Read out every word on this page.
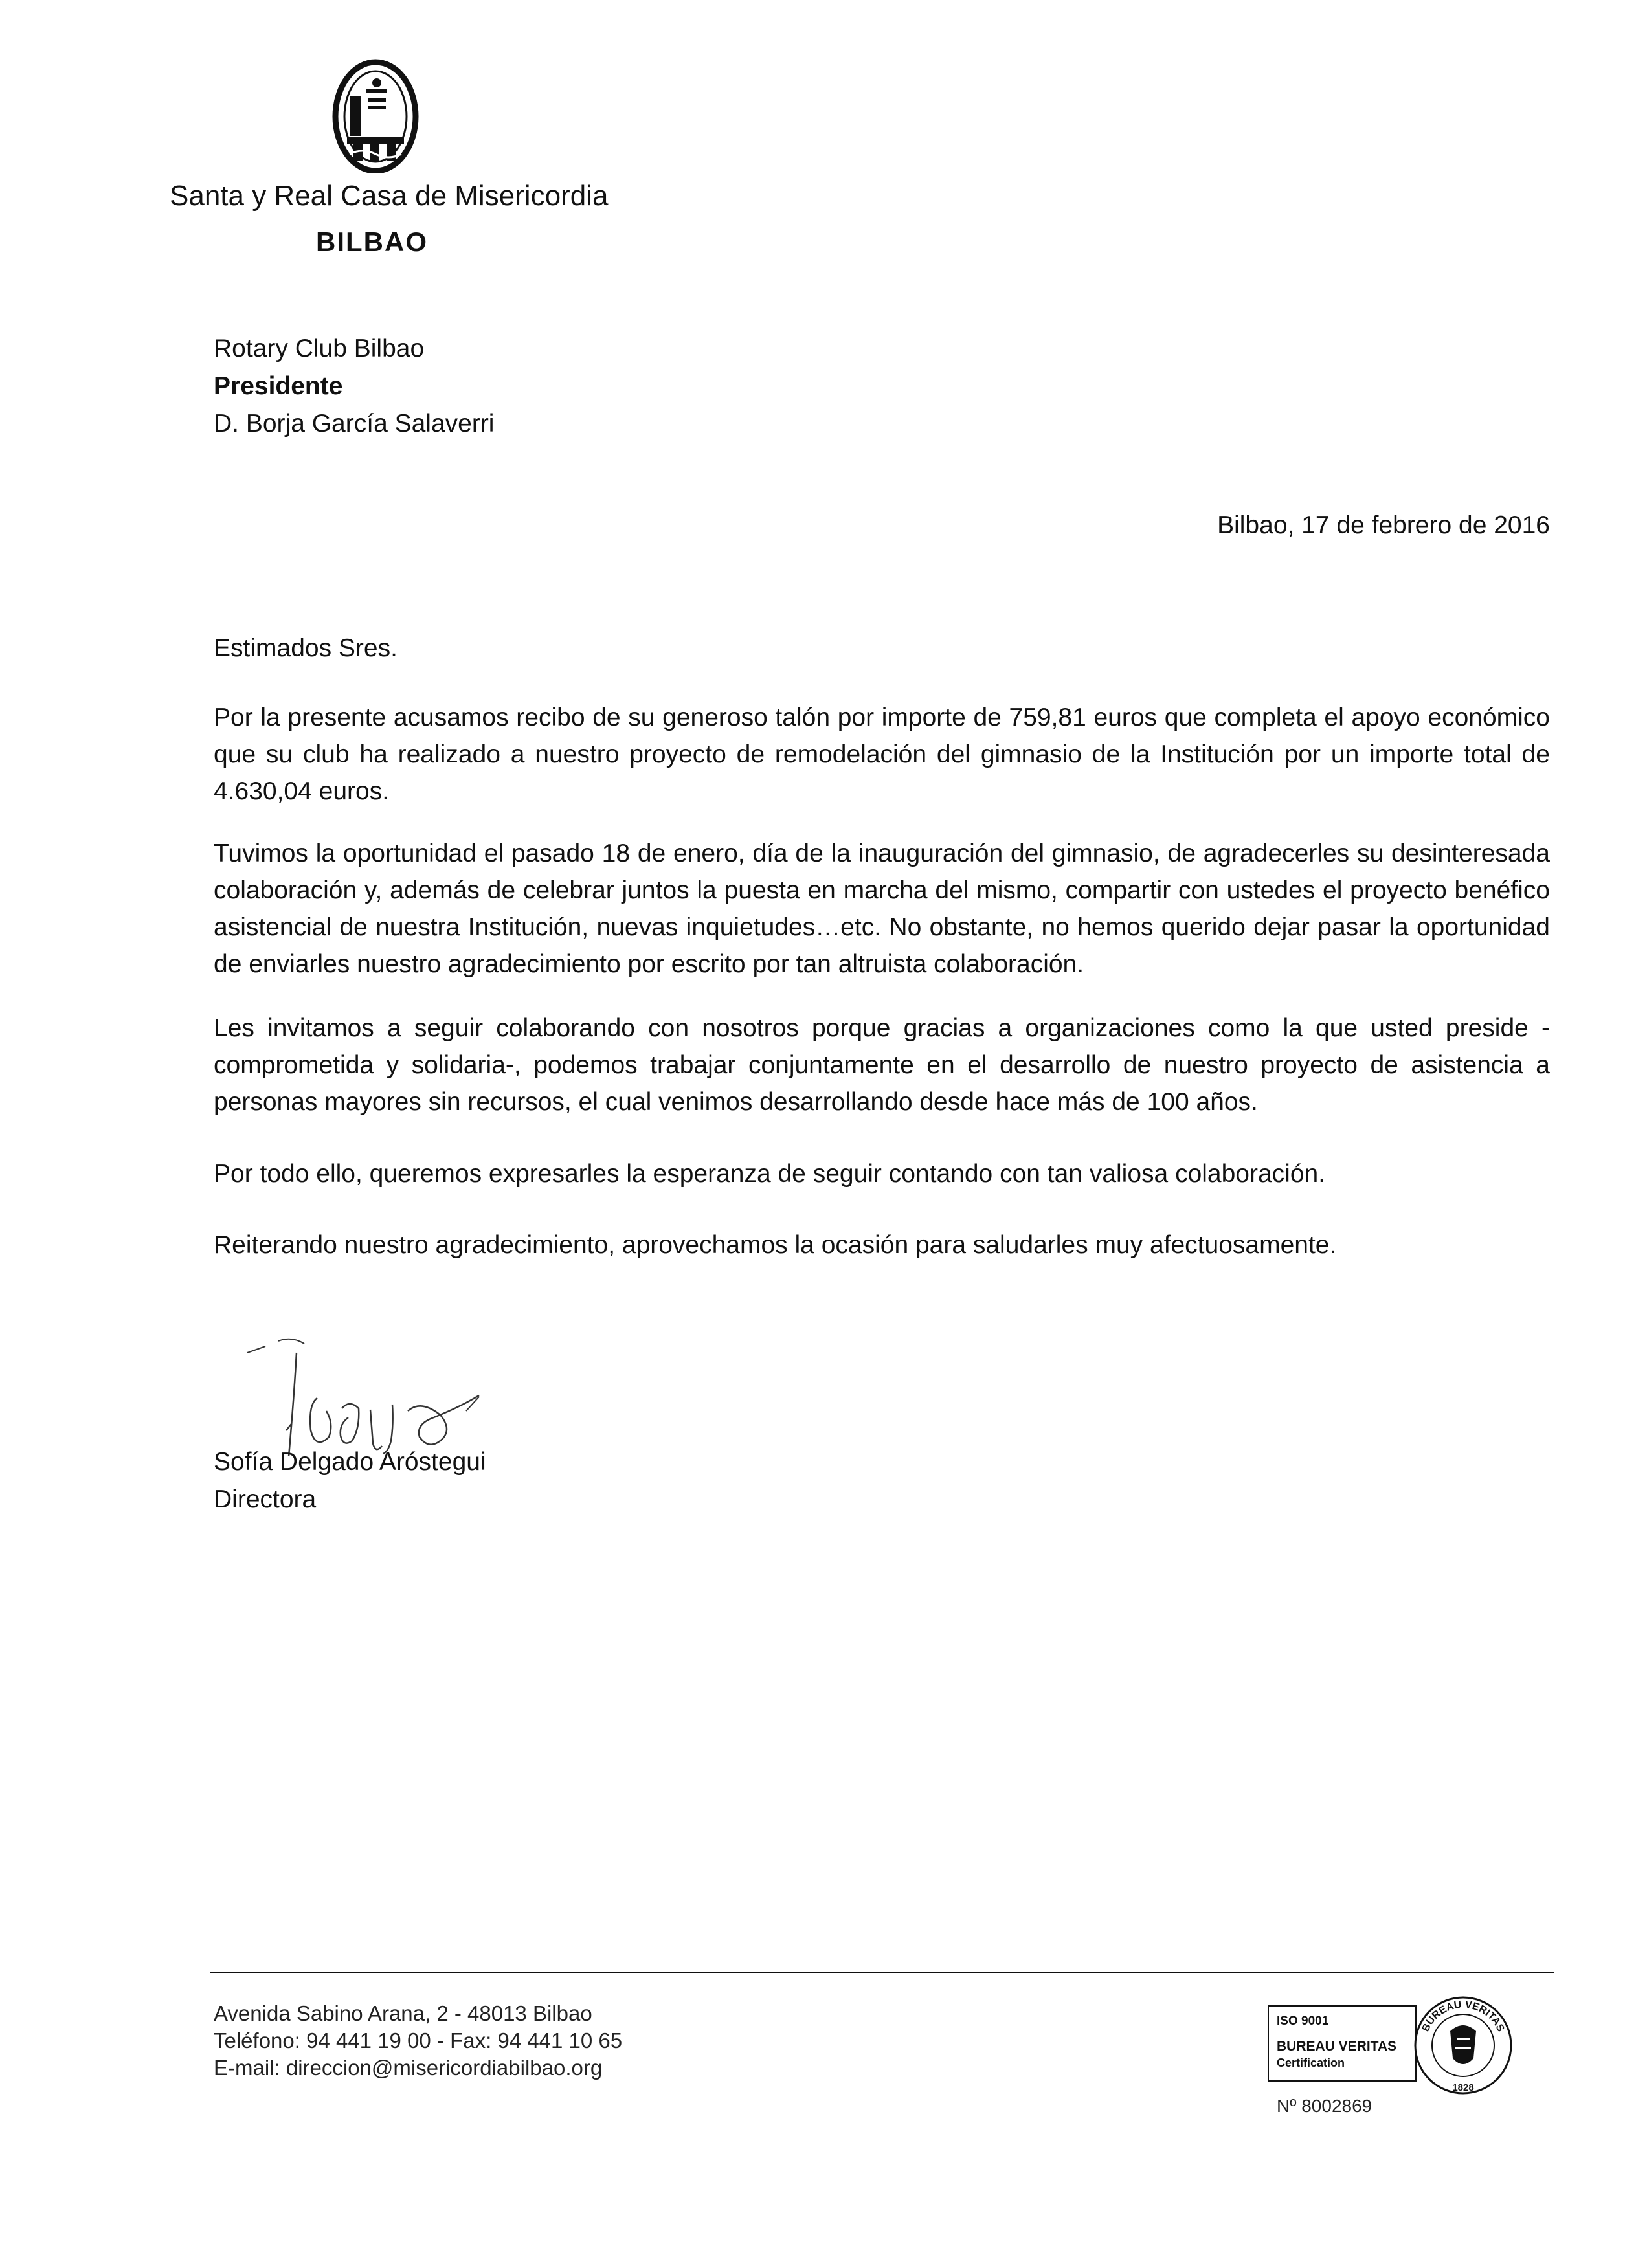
Santa y Real Casa de Misericordia
BILBAO
Rotary Club Bilbao
Presidente
D. Borja García Salaverri
Bilbao, 17 de febrero de 2016
Estimados Sres.
Por la presente acusamos recibo de su generoso talón por importe de 759,81 euros que completa el apoyo económico que su club ha realizado a nuestro proyecto de remodelación del gimnasio de la Institución por un importe total de 4.630,04 euros.
Tuvimos la oportunidad el pasado 18 de enero, día de la inauguración del gimnasio, de agradecerles su desinteresada colaboración y, además de celebrar juntos la puesta en marcha del mismo, compartir con ustedes el proyecto benéfico asistencial de nuestra Institución, nuevas inquietudes…etc. No obstante, no hemos querido dejar pasar la oportunidad de enviarles nuestro agradecimiento por escrito por tan altruista colaboración.
Les invitamos a seguir colaborando con nosotros porque gracias a organizaciones como la que usted preside - comprometida y solidaria-, podemos trabajar conjuntamente en el desarrollo de nuestro proyecto de asistencia a personas mayores sin recursos, el cual venimos desarrollando desde hace más de 100 años.
Por todo ello, queremos expresarles la esperanza de seguir contando con tan valiosa colaboración.
Reiterando nuestro agradecimiento, aprovechamos la ocasión para saludarles muy afectuosamente.
Sofía Delgado Aróstegui
Directora
Avenida Sabino Arana, 2 - 48013 Bilbao
Teléfono: 94 441 19 00 - Fax: 94 441 10 65
E-mail: direccion@misericordiabilbao.org
ISO 9001
BUREAU VERITAS
Certification
BUREAU VERITAS
1828
Nº 8002869
